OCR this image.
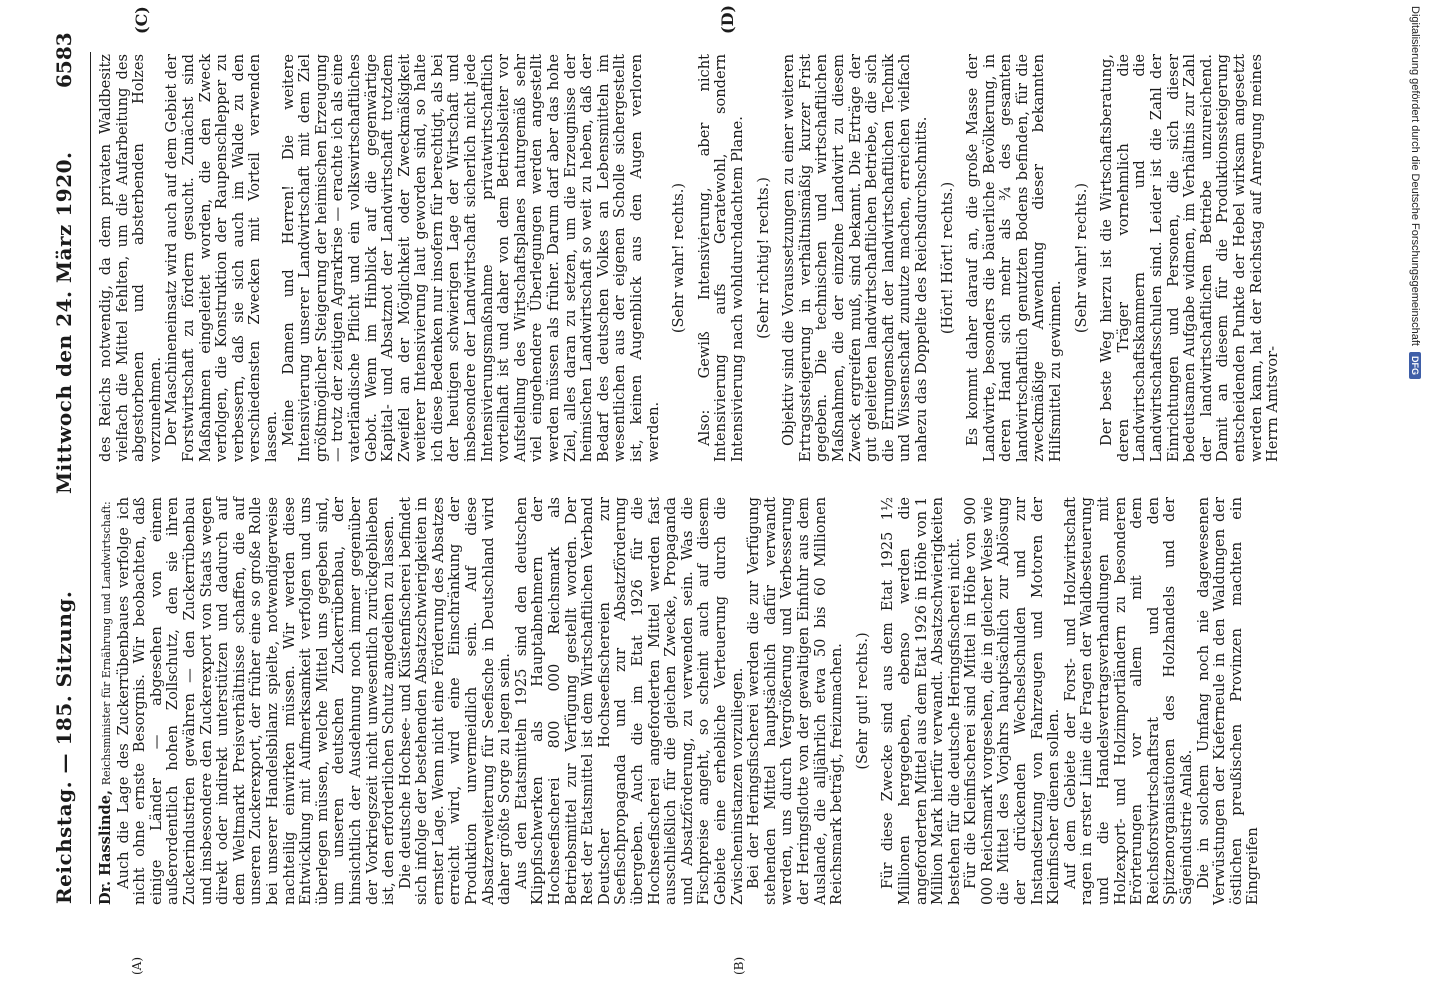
Reichstag. — 185. Sitzung.
Mittwoch den 24. März 1920.
6583
(A)	(B)
(C)	(D)

Dr. Hasslinde, Reichsminister für Ernährung und Landwirtschaft: Auch die Lage des Zuckerrübenbaues verfolge ich nicht ohne ernste Besorgnis. Wir beobachten, daß einige Länder — abgesehen von einem außerordentlich hohen Zollschutz, den sie ihren Zuckerindustrien gewähren — den Zuckerrübenbau und insbesondere den Zuckerexport von Staats wegen direkt oder indirekt unterstützen und dadurch auf dem Weltmarkt Preisverhältnisse schaffen, die auf unseren Zuckerexport, der früher eine so große Rolle bei unserer Handelsbilanz spielte, notwendigerweise nachteilig einwirken müssen. Wir werden diese Entwicklung mit Aufmerksamkeit verfolgen und uns überlegen müssen, welche Mittel uns gegeben sind, um unseren deutschen Zuckerrübenbau, der hinsichtlich der Ausdehnung noch immer gegenüber der Vorkriegszeit nicht unwesentlich zurückgeblieben ist, den erforderlichen Schutz angedeihen zu lassen. Die deutsche Hochsee- und Küstenfischerei befindet sich infolge der bestehenden Absatzschwierigkeiten in ernster Lage. Wenn nicht eine Förderung des Absatzes erreicht wird, wird eine Einschränkung der Produktion unvermeidlich sein. Auf diese Absatzerweiterung für Seefische in Deutschland wird daher größte Sorge zu legen sein. Aus den Etatsmitteln 1925 sind den deutschen Klippfischwerken als Hauptabnehmern der Hochseefischerei 800 000 Reichsmark als Betriebsmittel zur Verfügung gestellt worden. Der Rest der Etatsmittel ist dem Wirtschaftlichen Verband Deutscher Hochseefischereien zur Seefischpropaganda und zur Absatzförderung übergeben. Auch die im Etat 1926 für die Hochseefischerei angeforderten Mittel werden fast ausschließlich für die gleichen Zwecke, Propaganda und Absatzförderung, zu verwenden sein. Was die Fischpreise angeht, so scheint auch auf diesem Gebiete eine erhebliche Verteuerung durch die Zwischeninstanzen vorzuliegen. Bei der Heringsfischerei werden die zur Verfügung stehenden Mittel hauptsächlich dafür verwandt werden, uns durch Vergrößerung und Verbesserung der Heringsflotte von der gewaltigen Einfuhr aus dem Auslande, die alljährlich etwa 50 bis 60 Millionen Reichsmark beträgt, freizumachen. (Sehr gut! rechts.) Für diese Zwecke sind aus dem Etat 1925 1½ Millionen hergegeben, ebenso werden die angeforderten Mittel aus dem Etat 1926 in Höhe von 1 Million Mark hierfür verwandt. Absatzschwierigkeiten bestehen für die deutsche Heringsfischerei nicht. Für die Kleinfischerei sind Mittel in Höhe von 900 000 Reichsmark vorgesehen, die in gleicher Weise wie die Mittel des Vorjahrs hauptsächlich zur Ablösung der drückenden Wechselschulden und zur Instandsetzung von Fahrzeugen und Motoren der Kleinfischer dienen sollen. Auf dem Gebiete der Forst- und Holzwirtschaft ragen in erster Linie die Fragen der Waldbesteuerung und die Handelsvertragsverhandlungen mit Holzexport- und Holzimportländern zu besonderen Erörterungen vor allem mit dem Reichsforstwirtschaftsrat und den Spitzenorganisationen des Holzhandels und der Sägeindustrie Anlaß. Die in solchem Umfang noch nie dagewesenen Verwüstungen der Kieferneule in den Waldungen der östlichen preußischen Provinzen machten ein Eingreifen

des Reichs notwendig, da dem privaten Waldbesitz vielfach die Mittel fehlten, um die Aufarbeitung des abgestorbenen und absterbenden Holzes vorzunehmen. Der Maschineneinsatz wird auch auf dem Gebiet der Forstwirtschaft zu fördern gesucht. Zunächst sind Maßnahmen eingeleitet worden, die den Zweck verfolgen, die Konstruktion der Raupenschlepper zu verbessern, daß sie sich auch im Walde zu den verschiedensten Zwecken mit Vorteil verwenden lassen. Meine Damen und Herren! Die weitere Intensivierung unserer Landwirtschaft mit dem Ziel größtmöglicher Steigerung der heimischen Erzeugung — trotz der zeitigen Agrarkrise — erachte ich als eine vaterländische Pflicht und ein volkswirtschaftliches Gebot. Wenn im Hinblick auf die gegenwärtige Kapital- und Absatznot der Landwirtschaft trotzdem Zweifel an der Möglichkeit oder Zweckmäßigkeit weiterer Intensivierung laut geworden sind, so halte ich diese Bedenken nur insofern für berechtigt, als bei der heutigen schwierigen Lage der Wirtschaft und insbesondere der Landwirtschaft sicherlich nicht jede Intensivierungsmaßnahme privatwirtschaftlich vorteilhaft ist und daher von dem Betriebsleiter vor Aufstellung des Wirtschaftsplanes naturgemäß sehr viel eingehendere Überlegungen werden angestellt werden müssen als früher. Darum darf aber das hohe Ziel, alles daran zu setzen, um die Erzeugnisse der heimischen Landwirtschaft so weit zu heben, daß der Bedarf des deutschen Volkes an Lebensmitteln im wesentlichen aus der eigenen Scholle sichergestellt ist, keinen Augenblick aus den Augen verloren werden.

(Sehr wahr! rechts.) Also: Gewiß Intensivierung, aber nicht Intensivierung aufs Geratewohl, sondern Intensivierung nach wohldurchdachtem Plane. (Sehr richtig! rechts.) Objektiv sind die Voraussetzungen zu einer weiteren Ertragssteigerung in verhältnismäßig kurzer Frist gegeben. Die technischen und wirtschaftlichen Maßnahmen, die der einzelne Landwirt zu diesem Zweck ergreifen muß, sind bekannt. Die Erträge der gut geleiteten landwirtschaftlichen Betriebe, die sich die Errungenschaft der landwirtschaftlichen Technik und Wissenschaft zunutze machen, erreichen vielfach nahezu das Doppelte des Reichsdurchschnitts. (Hört! Hört! rechts.) Es kommt daher darauf an, die große Masse der Landwirte, besonders die bäuerliche Bevölkerung, in deren Hand sich mehr als ¾ des gesamten landwirtschaftlich genutzten Bodens befinden, für die zweckmäßige Anwendung dieser bekannten Hilfsmittel zu gewinnen.

(Sehr wahr! rechts.) Der beste Weg hierzu ist die Wirtschaftsberatung, deren Träger vornehmlich die Landwirtschaftskammern und die Landwirtschaftsschulen sind. Leider ist die Zahl der Einrichtungen und Personen, die sich dieser bedeutsamen Aufgabe widmen, im Verhältnis zur Zahl der landwirtschaftlichen Betriebe unzureichend. Damit an diesem für die Produktionssteigerung entscheidenden Punkte der Hebel wirksam angesetzt werden kann, hat der Reichstag auf Anregung meines Herrn Amtsvor-

Digitalisierung gefördert durch die Deutsche Forschungsgemeinschaft
DFG
